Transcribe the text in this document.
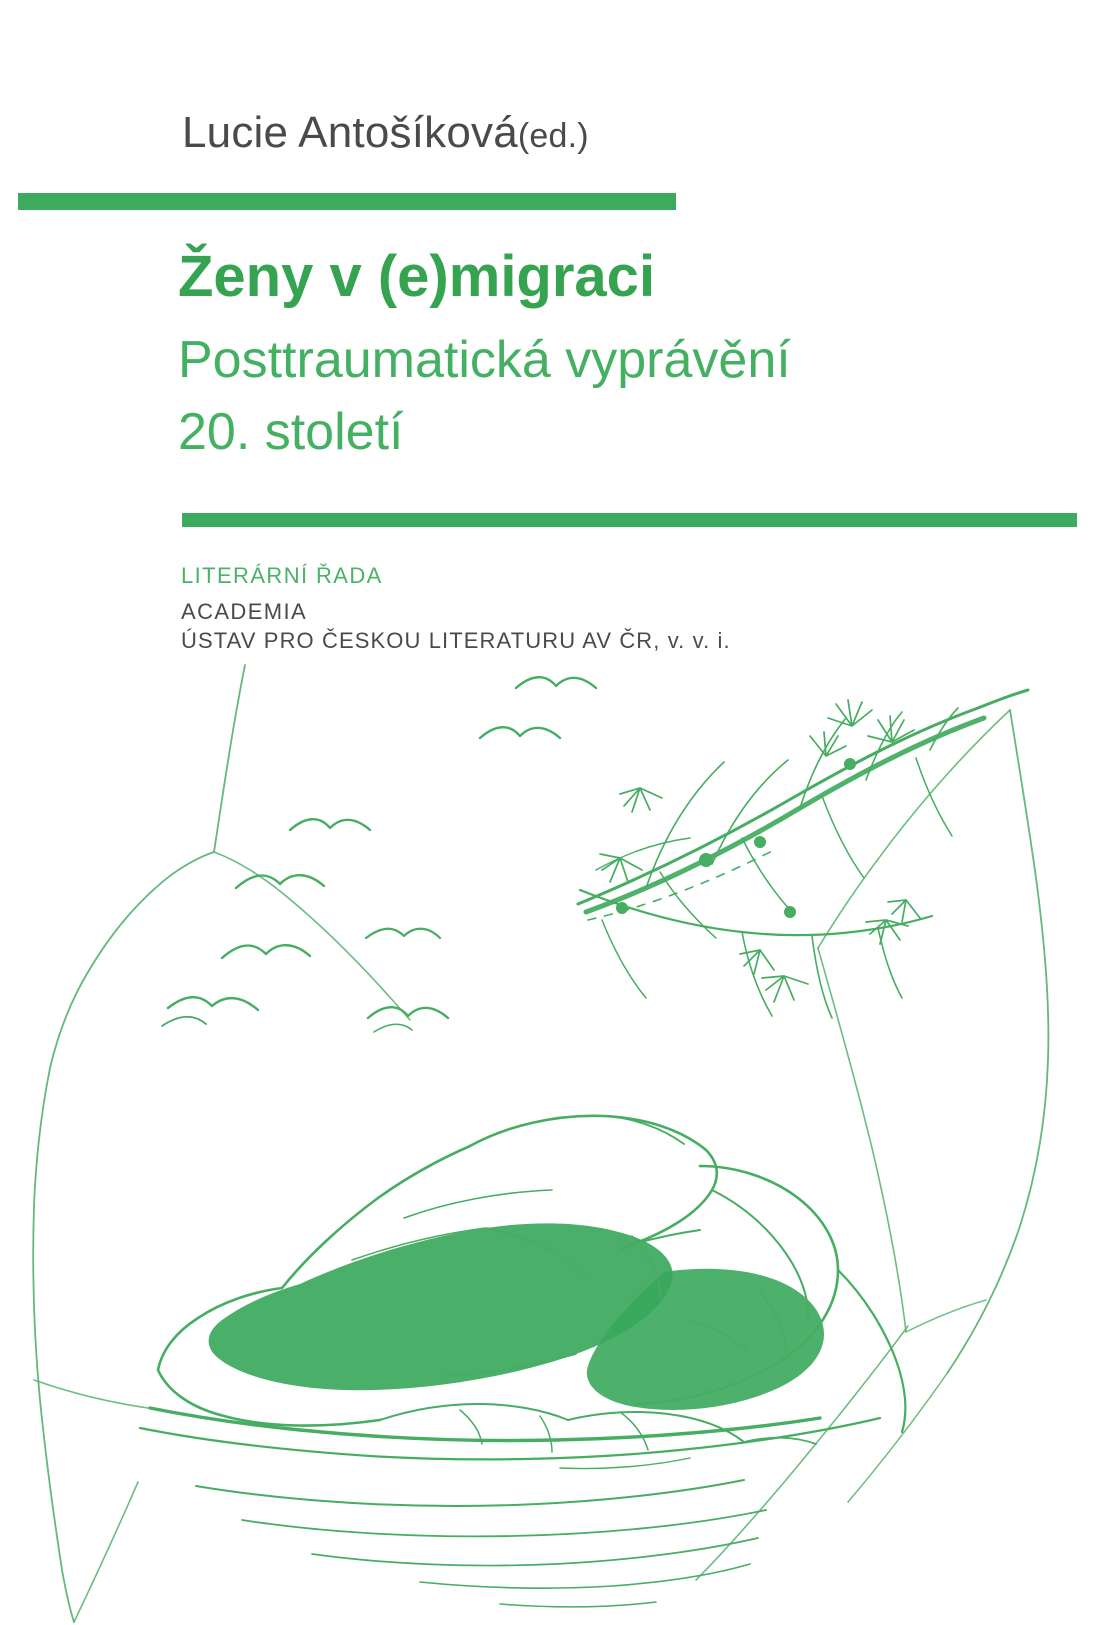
Lucie Antošíková(ed.)
Ženy v (e)migraci
Posttraumatická vyprávění
20. století
LITERÁRNÍ ŘADA
ACADEMIA
ÚSTAV PRO ČESKOU LITERATURU AV ČR, v. v. i.
